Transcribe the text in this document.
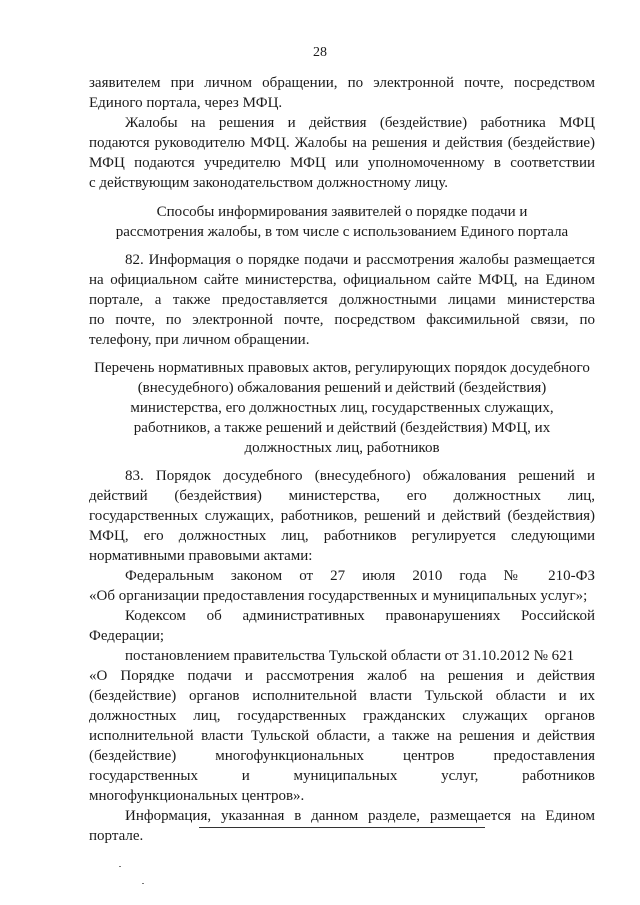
28
заявителем при личном обращении, по электронной почте, посредством
Единого портала, через МФЦ.
Жалобы на решения и действия (бездействие) работника МФЦ
подаются руководителю МФЦ. Жалобы на решения и действия (бездействие)
МФЦ подаются учредителю МФЦ или уполномоченному в соответствии
с действующим законодательством должностному лицу.
Способы информирования заявителей о порядке подачи и
рассмотрения жалобы, в том числе с использованием Единого портала
82. Информация о порядке подачи и рассмотрения жалобы размещается
на официальном сайте министерства, официальном сайте МФЦ, на Едином
портале, а также предоставляется должностными лицами министерства
по почте, по электронной почте, посредством факсимильной связи, по
телефону, при личном обращении.
Перечень нормативных правовых актов, регулирующих порядок досудебного
(внесудебного) обжалования решений и действий (бездействия)
министерства, его должностных лиц, государственных служащих,
работников, а также решений и действий (бездействия) МФЦ, их
должностных лиц, работников
83. Порядок досудебного (внесудебного) обжалования решений и
действий (бездействия) министерства, его должностных лиц,
государственных служащих, работников, решений и действий (бездействия)
МФЦ, его должностных лиц, работников регулируется следующими
нормативными правовыми актами:
Федеральным законом от 27 июля 2010 года № 210-ФЗ
«Об организации предоставления государственных и муниципальных услуг»;
Кодексом об административных правонарушениях Российской
Федерации;
постановлением правительства Тульской области от 31.10.2012 № 621
«О Порядке подачи и рассмотрения жалоб на решения и действия
(бездействие) органов исполнительной власти Тульской области и их
должностных лиц, государственных гражданских служащих органов
исполнительной власти Тульской области, а также на решения и действия
(бездействие) многофункциональных центров предоставления
государственных и муниципальных услуг, работников
многофункциональных центров».
Информация, указанная в данном разделе, размещается на Едином
портале.
